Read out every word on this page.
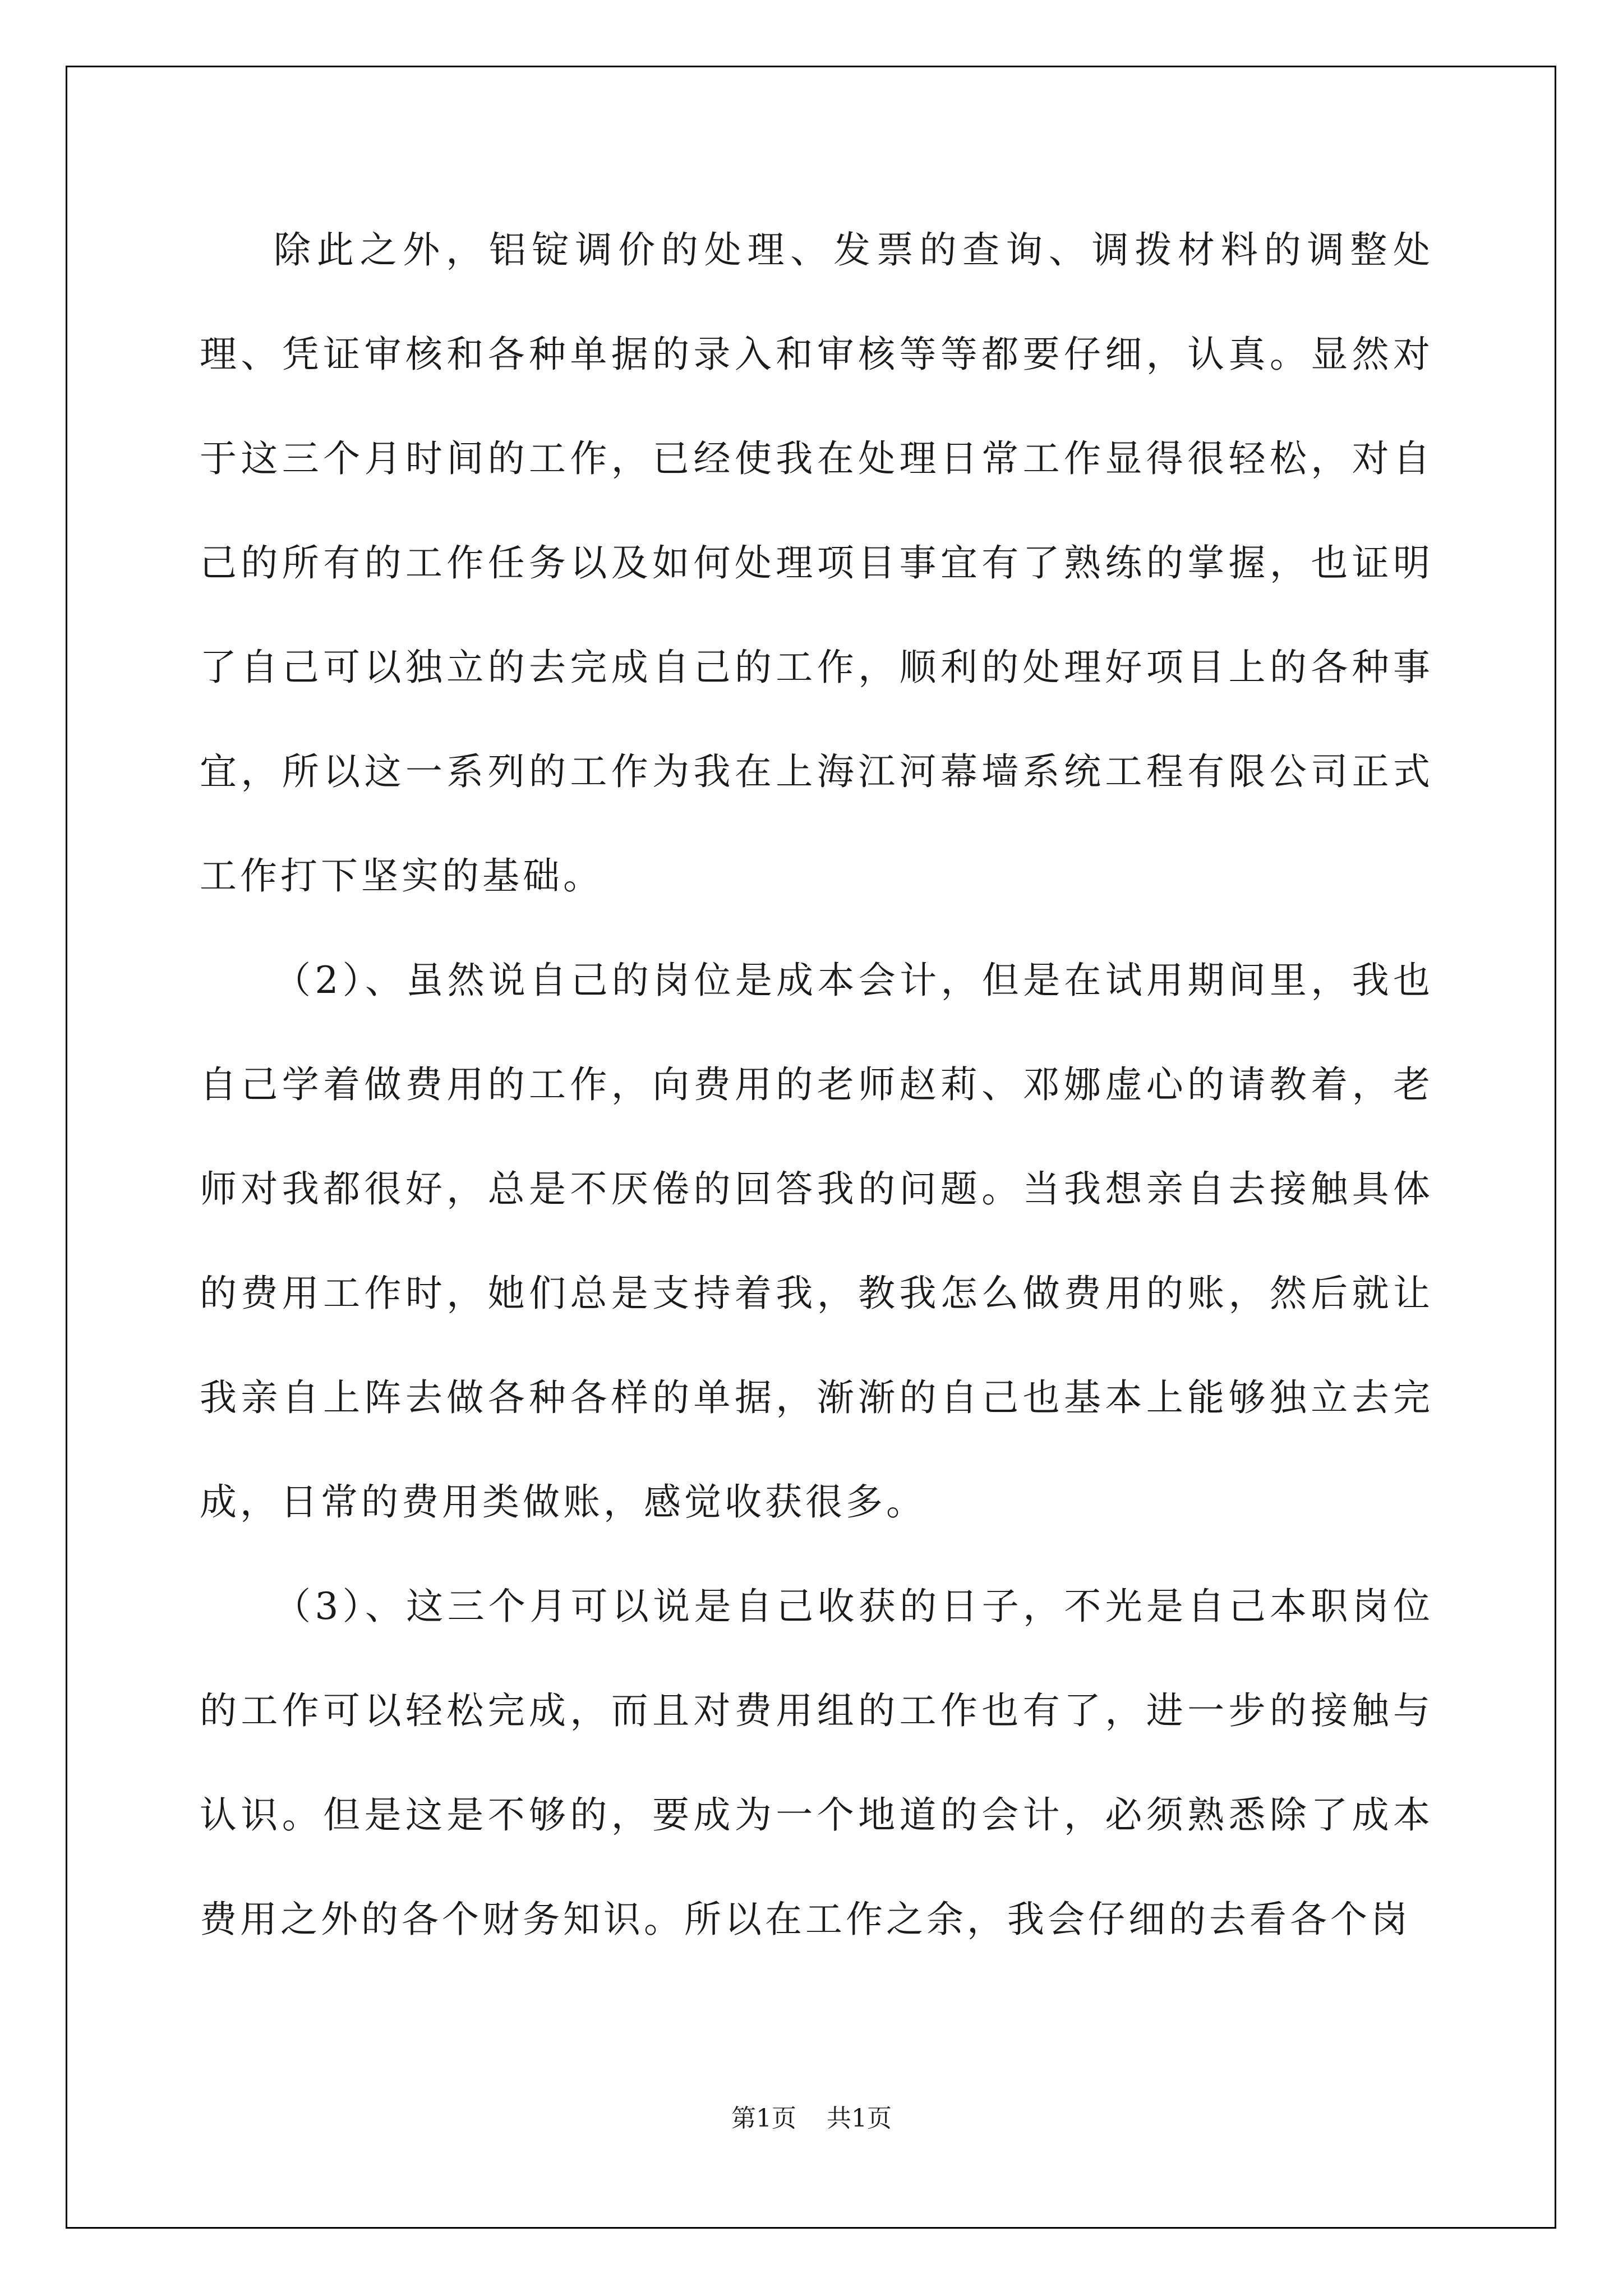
除此之外，铝锭调价的处理、发票的查询、调拨材料的调整处理、凭证审核和各种单据的录入和审核等等都要仔细，认真。显然对于这三个月时间的工作，已经使我在处理日常工作显得很轻松，对自己的所有的工作任务以及如何处理项目事宜有了熟练的掌握，也证明了自己可以独立的去完成自己的工作，顺利的处理好项目上的各种事宜，所以这一系列的工作为我在上海江河幕墙系统工程有限公司正式工作打下坚实的基础。

（2）、虽然说自己的岗位是成本会计，但是在试用期间里，我也自己学着做费用的工作，向费用的老师赵莉、邓娜虚心的请教着，老师对我都很好，总是不厌倦的回答我的问题。当我想亲自去接触具体的费用工作时，她们总是支持着我，教我怎么做费用的账，然后就让我亲自上阵去做各种各样的单据，渐渐的自己也基本上能够独立去完成，日常的费用类做账，感觉收获很多。

（3）、这三个月可以说是自己收获的日子，不光是自己本职岗位的工作可以轻松完成，而且对费用组的工作也有了，进一步的接触与认识。但是这是不够的，要成为一个地道的会计，必须熟悉除了成本费用之外的各个财务知识。所以在工作之余，我会仔细的去看各个岗

第1页 共1页
